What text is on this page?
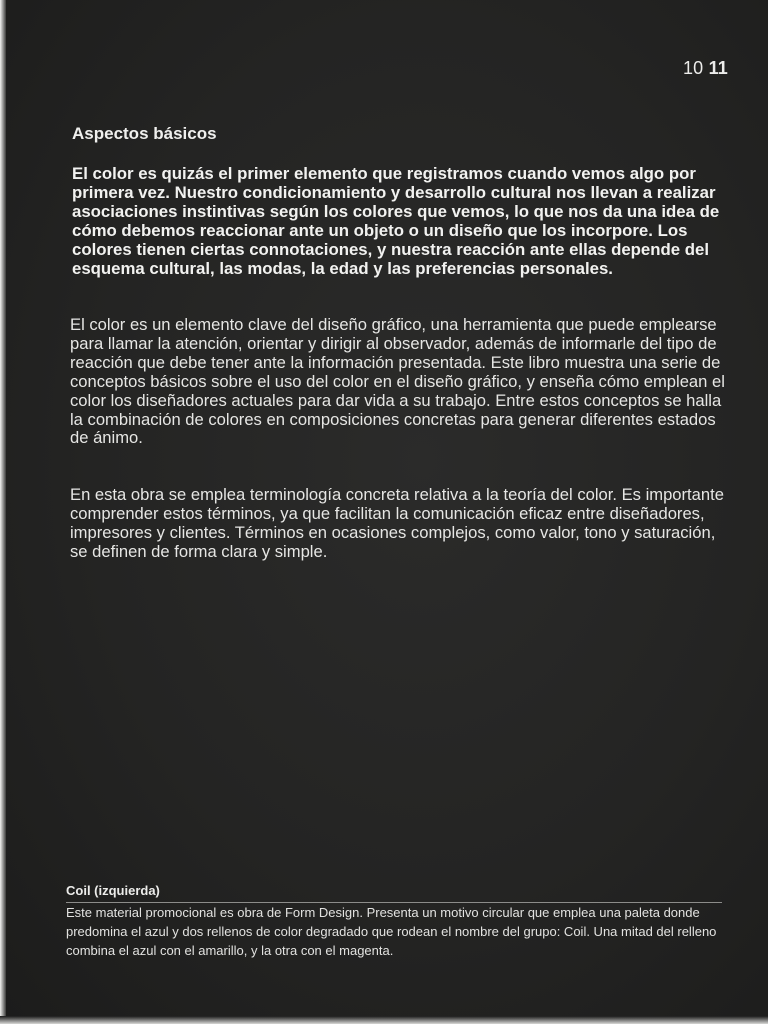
10 11
Aspectos básicos
El color es quizás el primer elemento que registramos cuando vemos algo por primera vez. Nuestro condicionamiento y desarrollo cultural nos llevan a realizar asociaciones instintivas según los colores que vemos, lo que nos da una idea de cómo debemos reaccionar ante un objeto o un diseño que los incorpore. Los colores tienen ciertas connotaciones, y nuestra reacción ante ellas depende del esquema cultural, las modas, la edad y las preferencias personales.
El color es un elemento clave del diseño gráfico, una herramienta que puede emplearse para llamar la atención, orientar y dirigir al observador, además de informarle del tipo de reacción que debe tener ante la información presentada. Este libro muestra una serie de conceptos básicos sobre el uso del color en el diseño gráfico, y enseña cómo emplean el color los diseñadores actuales para dar vida a su trabajo. Entre estos conceptos se halla la combinación de colores en composiciones concretas para generar diferentes estados de ánimo.
En esta obra se emplea terminología concreta relativa a la teoría del color. Es importante comprender estos términos, ya que facilitan la comunicación eficaz entre diseñadores, impresores y clientes. Términos en ocasiones complejos, como valor, tono y saturación, se definen de forma clara y simple.
Coil (izquierda)
Este material promocional es obra de Form Design. Presenta un motivo circular que emplea una paleta donde predomina el azul y dos rellenos de color degradado que rodean el nombre del grupo: Coil. Una mitad del relleno combina el azul con el amarillo, y la otra con el magenta.
